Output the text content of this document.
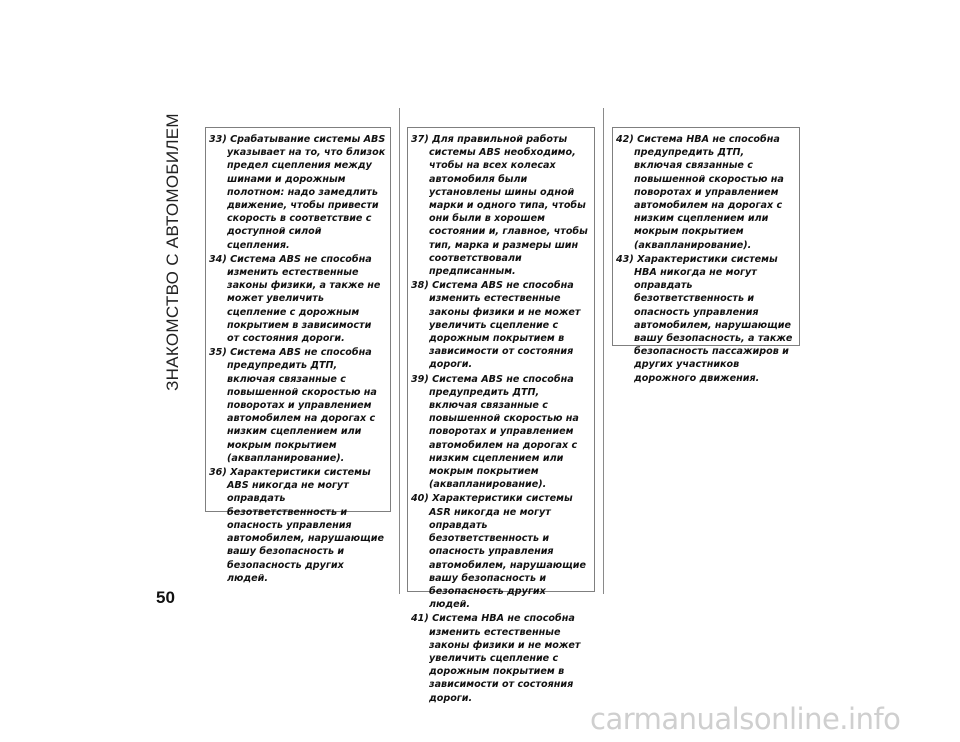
ЗНАКОМСТВО С АВТОМОБИЛЕМ
50

33) Срабатывание системы ABS указывает на то, что близок предел сцепления между шинами и дорожным полотном: надо замедлить движение, чтобы привести скорость в соответствие с доступной силой сцепления.

34) Система ABS не способна изменить естественные законы физики, а также не может увеличить сцепление с дорожным покрытием в зависимости от состояния дороги.

35) Система ABS не способна предупредить ДТП, включая связанные с повышенной скоростью на поворотах и управлением автомобилем на дорогах с низким сцеплением или мокрым покрытием (аквапланирование).

36) Характеристики системы ABS никогда не могут оправдать безответственность и опасность управления автомобилем, нарушающие вашу безопасность и безопасность других людей.

37) Для правильной работы системы ABS необходимо, чтобы на всех колесах автомобиля были установлены шины одной марки и одного типа, чтобы они были в хорошем состоянии и, главное, чтобы тип, марка и размеры шин соответствовали предписанным.

38) Система ABS не способна изменить естественные законы физики и не может увеличить сцепление с дорожным покрытием в зависимости от состояния дороги.

39) Система ABS не способна предупредить ДТП, включая связанные с повышенной скоростью на поворотах и управлением автомобилем на дорогах с низким сцеплением или мокрым покрытием (аквапланирование).

40) Характеристики системы ASR никогда не могут оправдать безответственность и опасность управления автомобилем, нарушающие вашу безопасность и безопасность других людей.

41) Система HBA не способна изменить естественные законы физики и не может увеличить сцепление с дорожным покрытием в зависимости от состояния дороги.

42) Система HBA не способна предупредить ДТП, включая связанные с повышенной скоростью на поворотах и управлением автомобилем на дорогах с низким сцеплением или мокрым покрытием (аквапланирование).

43) Характеристики системы HBA никогда не могут оправдать безответственность и опасность управления автомобилем, нарушающие вашу безопасность, а также безопасность пассажиров и других участников дорожного движения.

carmanualsonline.info
